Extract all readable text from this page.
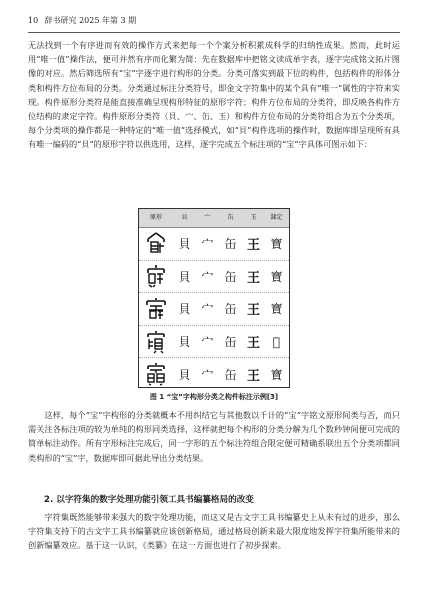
10 辞书研究 2025 年第 3 期

无法找到一个有序进而有效的操作方式来把每一个个案分析积累成科学的归纳性成果。然而，此时运用“唯一值”操作法，便可并然有序而化繁为简：先在数据库中把铭文读成单字表，逐字完成铭文拓片图像的对应。然后筛选所有“宝”字逐字进行构形的分类。分类可落实到最下位的构件，包括构件的形体分类和构件方位布局的分类。分类通过标注分类符号，即金文字符集中的某个具有“唯一”属性的字符来实现。构件原形分类符是能直接准确呈现构形特征的原形字符；构件方位布局的分类符，即反映各构件方位结构的隶定字符。构件原形分类符（貝、宀、缶、玉）和构件方位布局的分类符组合为五个分类项，每个分类项的操作都是一种特定的“唯一值”选择模式，如“貝”构件选项的操作时，数据库即呈现所有具有唯一编码的“貝”的原形字符以供选用，这样，逐字完成五个标注项的“宝”字具体可图示如下：

原形	貝	宀	缶	玉	隸定
貝 宀 缶 王 寶
貝 宀 缶 王 寶
貝 宀 缶 王 寶
貝 宀 缶 王 𡧜
貝 宀 缶 王 寶
图 1 “宝”字构形分类之构件标注示例[3]

这样，每个“宝”字构形的分类就概本不用纠结它与其他数以千计的“宝”字铭文原形间类与否，而只需关注各标注项的较为单纯的构形同类选择，这样就把每个构形的分类分解为几个数秒钟间便可完成的简单标注动作。所有字形标注完成后，同一字形的五个标注符组合限定便可精确系联出五个分类项都同类构形的“宝”字，数据库即可据此导出分类结果。

2. 以字符集的数字处理功能引领工具书编纂格局的改变

字符集既然能够带来强大的数字处理功能，而这又是古文字工具书编纂史上从未有过的进步，那么字符集支持下的古文字工具书编纂就应该创新格局，通过格局创新来最大限度地发挥字符集所能带来的创新编纂效应。基于这一认识，《类纂》在这一方面也进行了初步探索。
